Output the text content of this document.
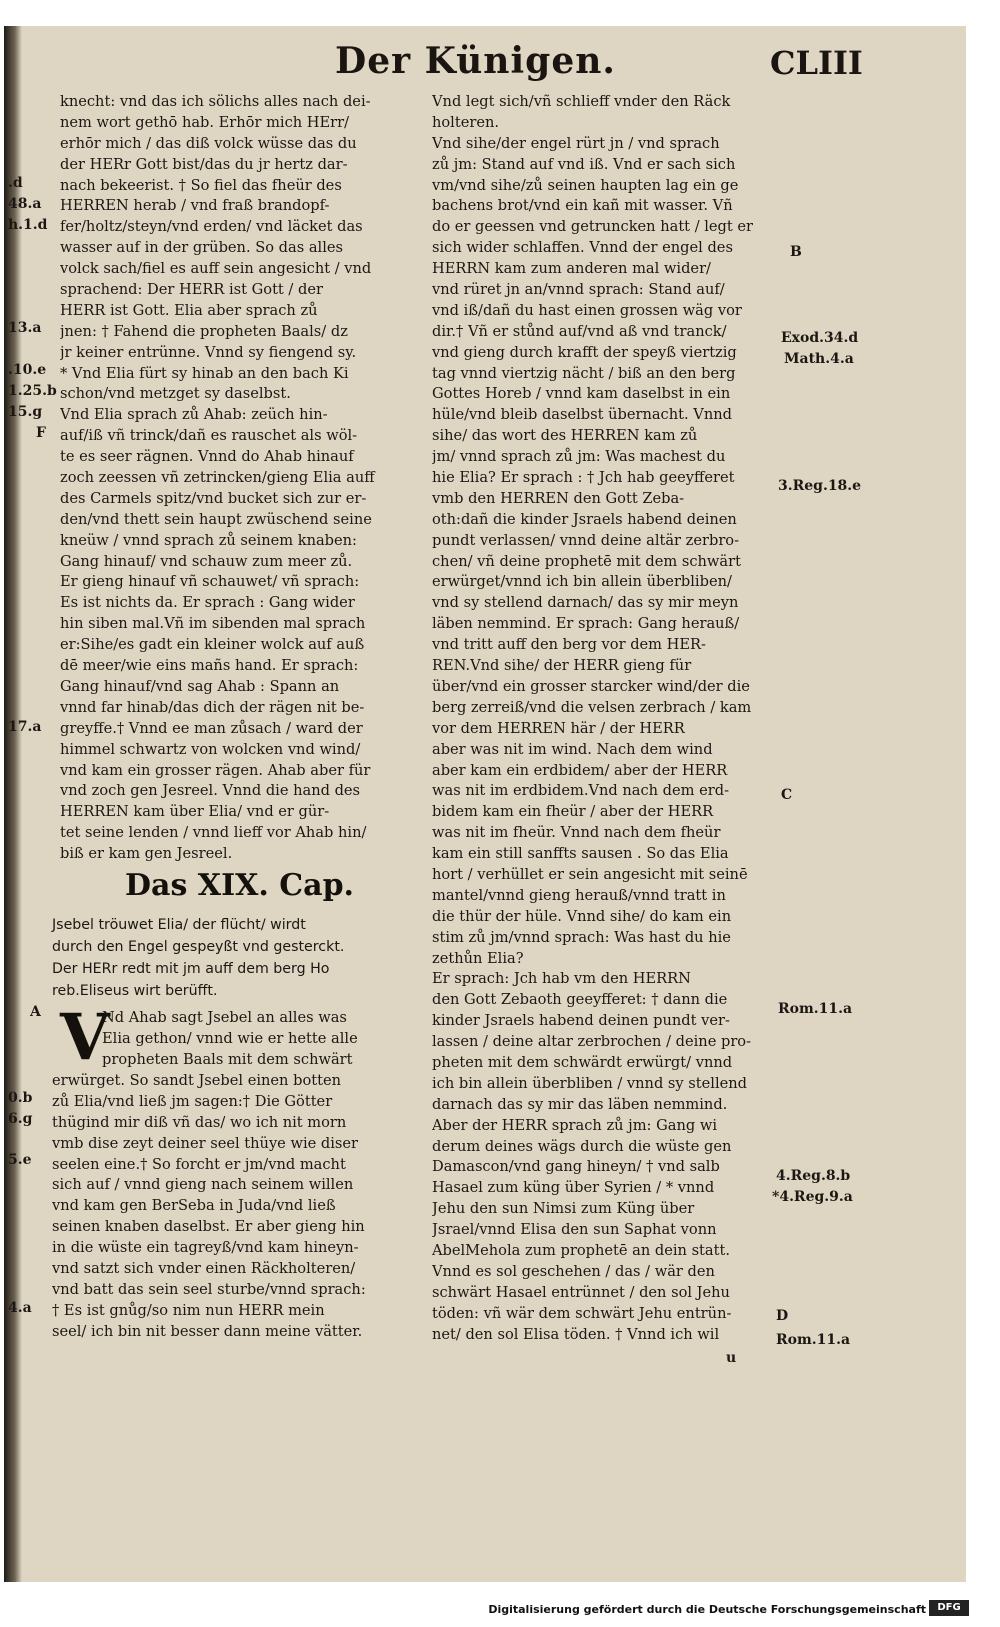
Der Künigen.	CLIII
knecht: vnd das ich sölichs alles nach dei-
nem wort gethō hab. Erhōr mich HErr/
erhōr mich / das diß volck wüsse das du
der HERr Gott bist/das du jr hertz dar-
nach bekeerist. † So fiel das fheür des
HERREN herab / vnd fraß brandopf-
fer/holtz/steyn/vnd erden/ vnd läcket das
wasser auf in der grüben. So das alles
volck sach/fiel es auff sein angesicht / vnd
sprachend: Der HERR ist Gott / der
HERR ist Gott. Elia aber sprach zů
jnen: † Fahend die propheten Baals/ dz
jr keiner entrünne. Vnnd sy fiengend sy.
* Vnd Elia fürt sy hinab an den bach Ki
schon/vnd metzget sy daselbst.
Vnd Elia sprach zů Ahab: zeüch hin-
auf/iß vñ trinck/dañ es rauschet als wöl-
te es seer rägnen. Vnnd do Ahab hinauf
zoch zeessen vñ zetrincken/gieng Elia auff
des Carmels spitz/vnd bucket sich zur er-
den/vnd thett sein haupt zwüschend seine
kneüw / vnnd sprach zů seinem knaben:
Gang hinauf/ vnd schauw zum meer zů.
Er gieng hinauf vñ schauwet/ vñ sprach:
Es ist nichts da. Er sprach : Gang wider
hin siben mal.Vñ im sibenden mal sprach
er:Sihe/es gadt ein kleiner wolck auf auß
dē meer/wie eins mañs hand. Er sprach:
Gang hinauf/vnd sag Ahab : Spann an
vnnd far hinab/das dich der rägen nit be-
greyffe.† Vnnd ee man zůsach / ward der
himmel schwartz von wolcken vnd wind/
vnd kam ein grosser rägen. Ahab aber für
vnd zoch gen Jesreel. Vnnd die hand des
HERREN kam über Elia/ vnd er gür-
tet seine lenden / vnnd lieff vor Ahab hin/
biß er kam gen Jesreel.
Das XIX. Cap.
Jsebel tröuwet Elia/ der flücht/ wirdt
durch den Engel gespeyßt vnd gesterckt.
Der HERr redt mit jm auff dem berg Ho
reb.Eliseus wirt berüfft.
V
Nd Ahab sagt Jsebel an alles was
Elia gethon/ vnnd wie er hette alle
propheten Baals mit dem schwärt
erwürget. So sandt Jsebel einen botten
zů Elia/vnd ließ jm sagen:† Die Götter
thügind mir diß vñ das/ wo ich nit morn
vmb dise zeyt deiner seel thüye wie diser
seelen eine.† So forcht er jm/vnd macht
sich auf / vnnd gieng nach seinem willen
vnd kam gen BerSeba in Juda/vnd ließ
seinen knaben daselbst. Er aber gieng hin
in die wüste ein tagreyß/vnd kam hineyn-
vnd satzt sich vnder einen Räckholteren/
vnd batt das sein seel sturbe/vnnd sprach:
† Es ist gnůg/so nim nun HERR mein
seel/ ich bin nit besser dann meine vätter.
Vnd legt sich/vñ schlieff vnder den Räck
holteren.
Vnd sihe/der engel rürt jn / vnd sprach
zů jm: Stand auf vnd iß. Vnd er sach sich
vm/vnd sihe/zů seinen haupten lag ein ge
bachens brot/vnd ein kañ mit wasser. Vñ
do er geessen vnd getruncken hatt / legt er
sich wider schlaffen. Vnnd der engel des
HERRN kam zum anderen mal wider/
vnd rüret jn an/vnnd sprach: Stand auf/
vnd iß/dañ du hast einen grossen wäg vor
dir.† Vñ er stůnd auf/vnd aß vnd tranck/
vnd gieng durch krafft der speyß viertzig
tag vnnd viertzig nächt / biß an den berg
Gottes Horeb / vnnd kam daselbst in ein
hüle/vnd bleib daselbst übernacht. Vnnd
sihe/ das wort des HERREN kam zů
jm/ vnnd sprach zů jm: Was machest du
hie Elia? Er sprach : † Jch hab geeyfferet
vmb den HERREN den Gott Zeba-
oth:dañ die kinder Jsraels habend deinen
pundt verlassen/ vnnd deine altär zerbro-
chen/ vñ deine prophetē mit dem schwärt
erwürget/vnnd ich bin allein überbliben/
vnd sy stellend darnach/ das sy mir meyn
läben nemmind. Er sprach: Gang herauß/
vnd tritt auff den berg vor dem HER-
REN.Vnd sihe/ der HERR gieng für
über/vnd ein grosser starcker wind/der die
berg zerreiß/vnd die velsen zerbrach / kam
vor dem HERREN här / der HERR
aber was nit im wind. Nach dem wind
aber kam ein erdbidem/ aber der HERR
was nit im erdbidem.Vnd nach dem erd-
bidem kam ein fheür / aber der HERR
was nit im fheür. Vnnd nach dem fheür
kam ein still sanffts sausen . So das Elia
hort / verhüllet er sein angesicht mit seinē
mantel/vnnd gieng herauß/vnnd tratt in
die thür der hüle. Vnnd sihe/ do kam ein
stim zů jm/vnnd sprach: Was hast du hie
zethůn Elia?
Er sprach: Jch hab vm den HERRN
den Gott Zebaoth geeyfferet: † dann die
kinder Jsraels habend deinen pundt ver-
lassen / deine altar zerbrochen / deine pro-
pheten mit dem schwärdt erwürgt/ vnnd
ich bin allein überbliben / vnnd sy stellend
darnach das sy mir das läben nemmind.
Aber der HERR sprach zů jm: Gang wi
derum deines wägs durch die wüste gen
Damascon/vnd gang hineyn/ † vnd salb
Hasael zum küng über Syrien / * vnnd
Jehu den sun Nimsi zum Küng über
Jsrael/vnnd Elisa den sun Saphat vonn
AbelMehola zum prophetē an dein statt.
Vnnd es sol geschehen / das / wär den
schwärt Hasael entrünnet / den sol Jehu
töden: vñ wär dem schwärt Jehu entrün-
net/ den sol Elisa töden. † Vnnd ich wil
.d
48.a
h.1.d
13.a
.10.e
1.25.b
15.g
F
17.a
A
0.b
6.g
5.e
4.a
B
Exod.34.d
Math.4.a
3.Reg.18.e
C
Rom.11.a
4.Reg.8.b
*4.Reg.9.a
D
Rom.11.a
u
Digitalisierung gefördert durch die Deutsche Forschungsgemeinschaft	DFG
